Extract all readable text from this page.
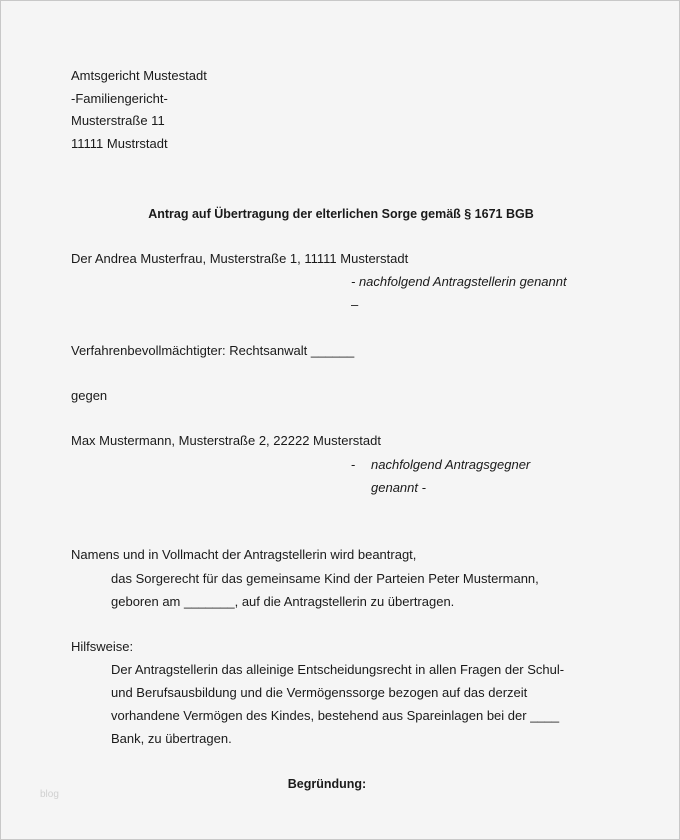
Amtsgericht Mustestadt
-Familiengericht-
Musterstraße 11
11111 Mustrstadt
Antrag auf Übertragung der elterlichen Sorge gemäß § 1671 BGB
Der Andrea Musterfrau, Musterstraße 1, 11111 Musterstadt
- nachfolgend Antragstellerin genannt
–
Verfahrenbevollmächtigter: Rechtsanwalt ______
gegen
Max Mustermann, Musterstraße 2, 22222 Musterstadt
- nachfolgend Antragsgegner
genannt -
Namens und in Vollmacht der Antragstellerin wird beantragt,
das Sorgerecht für das gemeinsame Kind der Parteien Peter Mustermann,
geboren am _______, auf die Antragstellerin zu übertragen.
Hilfsweise:
Der Antragstellerin das alleinige Entscheidungsrecht in allen Fragen der Schul-
und Berufsausbildung und die Vermögenssorge bezogen auf das derzeit
vorhandene Vermögen des Kindes, bestehend aus Spareinlagen bei der ____
Bank, zu übertragen.
Begründung:
blog
